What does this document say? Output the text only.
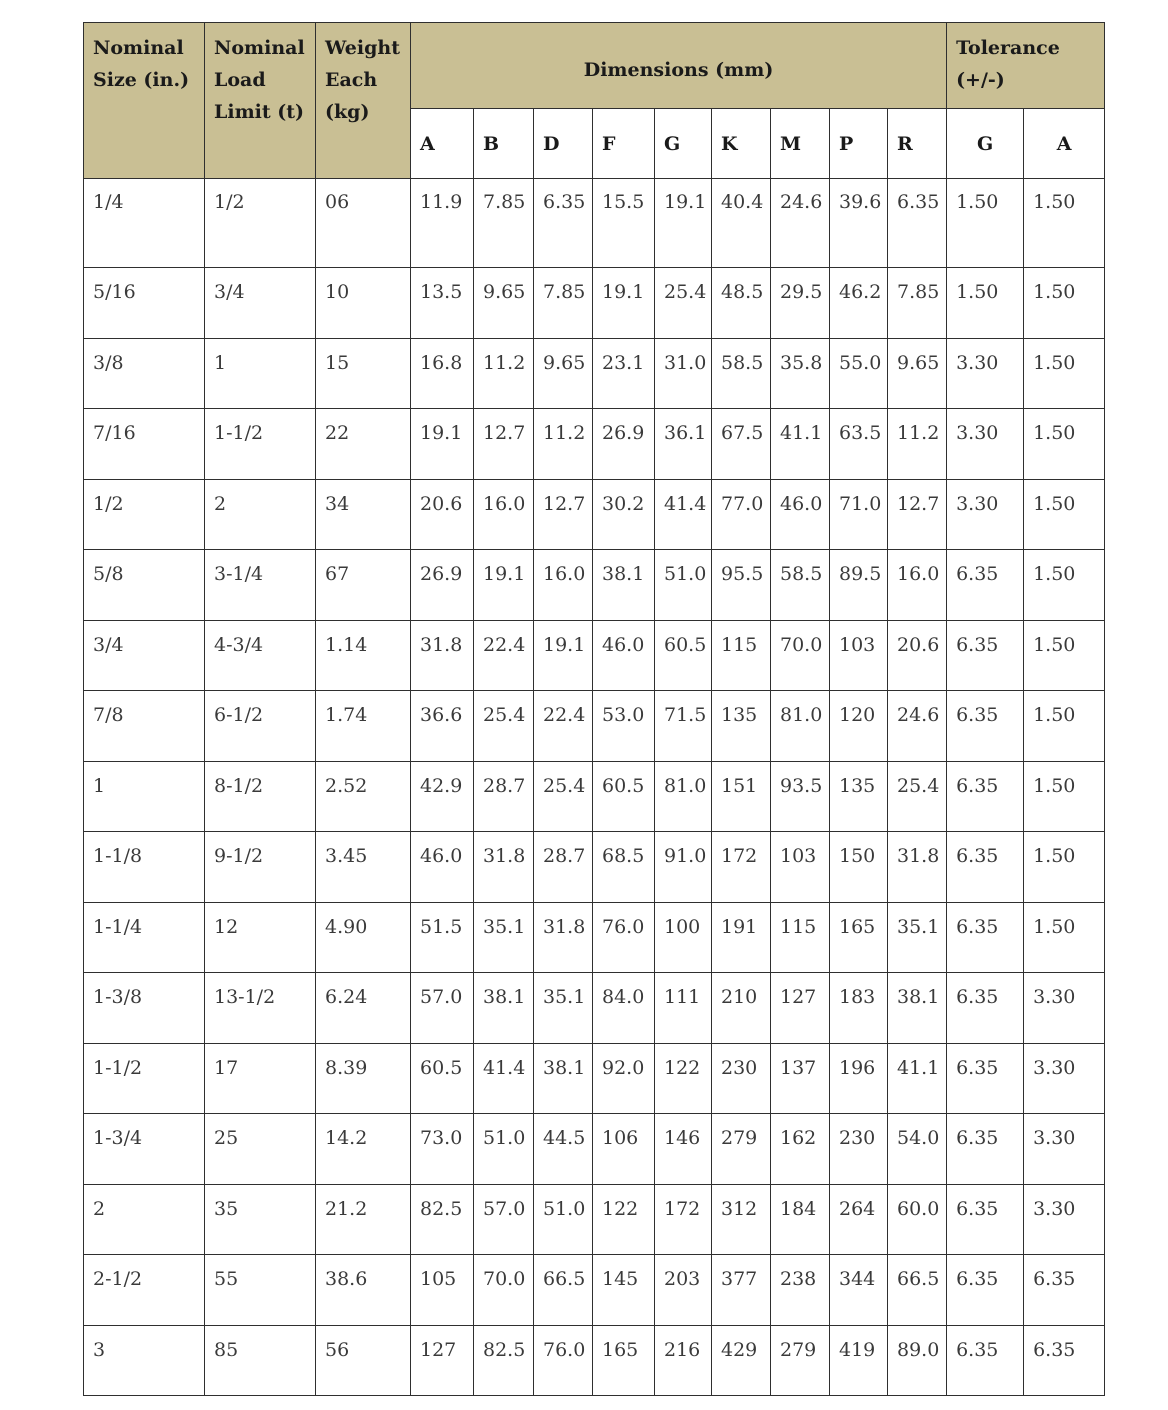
Nominal
Size (in.)	Nominal
Load
Limit (t)	Weight
Each
(kg)	Dimensions (mm)									Tolerance
(+/-)	
			A	B	D	F	G	K	M	P	R	G	A
1/4	1/2	06	11.9	7.85	6.35	15.5	19.1	40.4	24.6	39.6	6.35	1.50	1.50
5/16	3/4	10	13.5	9.65	7.85	19.1	25.4	48.5	29.5	46.2	7.85	1.50	1.50
3/8	1	15	16.8	11.2	9.65	23.1	31.0	58.5	35.8	55.0	9.65	3.30	1.50
7/16	1-1/2	22	19.1	12.7	11.2	26.9	36.1	67.5	41.1	63.5	11.2	3.30	1.50
1/2	2	34	20.6	16.0	12.7	30.2	41.4	77.0	46.0	71.0	12.7	3.30	1.50
5/8	3-1/4	67	26.9	19.1	16.0	38.1	51.0	95.5	58.5	89.5	16.0	6.35	1.50
3/4	4-3/4	1.14	31.8	22.4	19.1	46.0	60.5	115	70.0	103	20.6	6.35	1.50
7/8	6-1/2	1.74	36.6	25.4	22.4	53.0	71.5	135	81.0	120	24.6	6.35	1.50
1	8-1/2	2.52	42.9	28.7	25.4	60.5	81.0	151	93.5	135	25.4	6.35	1.50
1-1/8	9-1/2	3.45	46.0	31.8	28.7	68.5	91.0	172	103	150	31.8	6.35	1.50
1-1/4	12	4.90	51.5	35.1	31.8	76.0	100	191	115	165	35.1	6.35	1.50
1-3/8	13-1/2	6.24	57.0	38.1	35.1	84.0	111	210	127	183	38.1	6.35	3.30
1-1/2	17	8.39	60.5	41.4	38.1	92.0	122	230	137	196	41.1	6.35	3.30
1-3/4	25	14.2	73.0	51.0	44.5	106	146	279	162	230	54.0	6.35	3.30
2	35	21.2	82.5	57.0	51.0	122	172	312	184	264	60.0	6.35	3.30
2-1/2	55	38.6	105	70.0	66.5	145	203	377	238	344	66.5	6.35	6.35
3	85	56	127	82.5	76.0	165	216	429	279	419	89.0	6.35	6.35
